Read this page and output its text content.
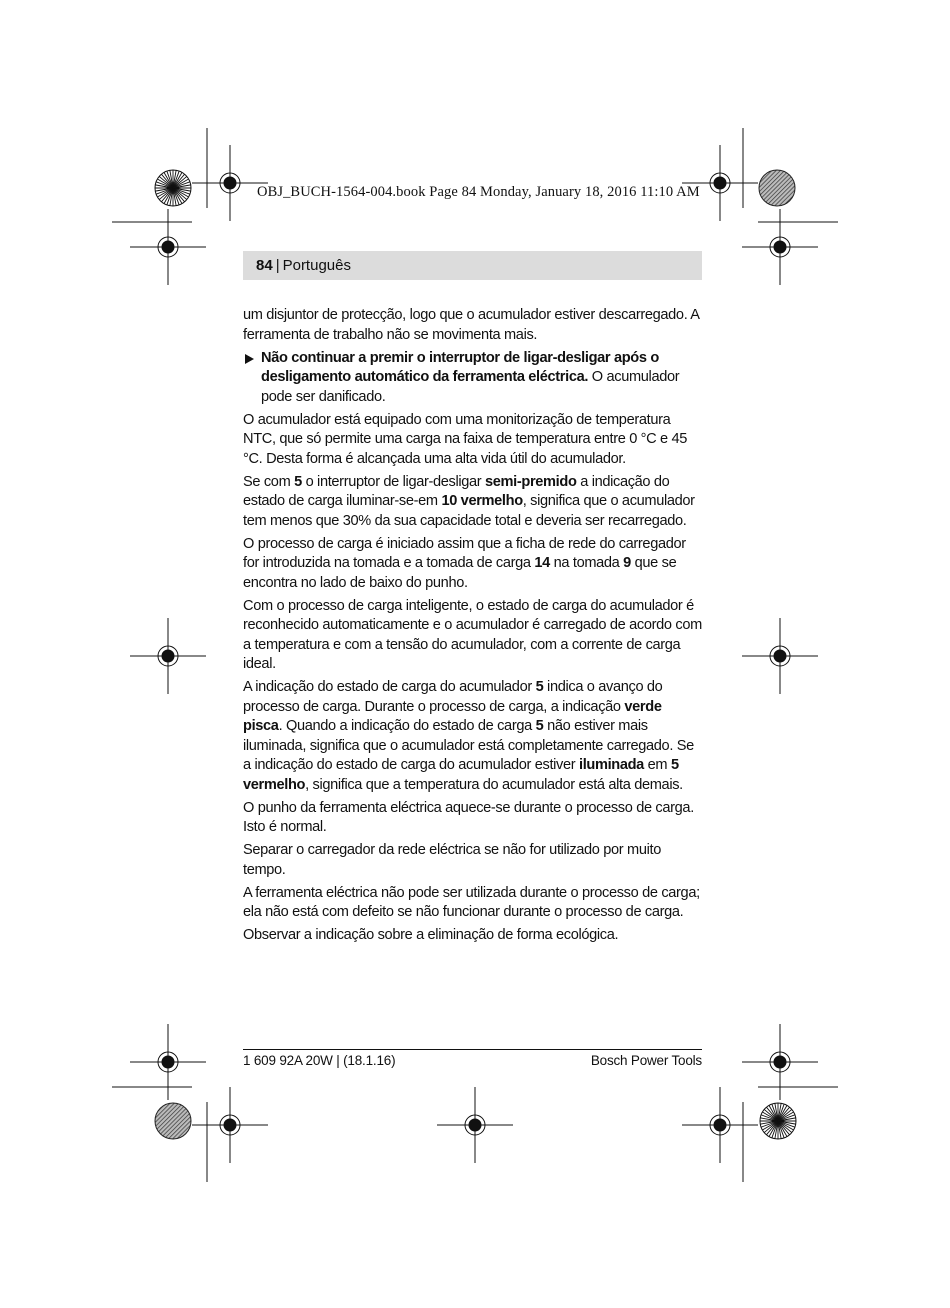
OBJ_BUCH-1564-004.book Page 84 Monday, January 18, 2016 11:10 AM
84 | Português

um disjuntor de protecção, logo que o acumulador estiver descarregado. A ferramenta de trabalho não se movimenta mais.

Não continuar a premir o interruptor de ligar-desligar após o desligamento automático da ferramenta eléctrica. O acumulador pode ser danificado.

O acumulador está equipado com uma monitorização de temperatura NTC, que só permite uma carga na faixa de temperatura entre 0 °C e 45 °C. Desta forma é alcançada uma alta vida útil do acumulador.

Se com 5 o interruptor de ligar-desligar semi-premido a indicação do estado de carga iluminar-se-em 10 vermelho, significa que o acumulador tem menos que 30% da sua capacidade total e deveria ser recarregado.

O processo de carga é iniciado assim que a ficha de rede do carregador for introduzida na tomada e a tomada de carga 14 na tomada 9 que se encontra no lado de baixo do punho.

Com o processo de carga inteligente, o estado de carga do acumulador é reconhecido automaticamente e o acumulador é carregado de acordo com a temperatura e com a tensão do acumulador, com a corrente de carga ideal.

A indicação do estado de carga do acumulador 5 indica o avanço do processo de carga. Durante o processo de carga, a indicação verde pisca. Quando a indicação do estado de carga 5 não estiver mais iluminada, significa que o acumulador está completamente carregado. Se a indicação do estado de carga do acumulador estiver iluminada em 5 vermelho, significa que a temperatura do acumulador está alta demais.

O punho da ferramenta eléctrica aquece-se durante o processo de carga. Isto é normal.

Separar o carregador da rede eléctrica se não for utilizado por muito tempo.

A ferramenta eléctrica não pode ser utilizada durante o processo de carga; ela não está com defeito se não funcionar durante o processo de carga.

Observar a indicação sobre a eliminação de forma ecológica.

1 609 92A 20W | (18.1.16)	Bosch Power Tools
